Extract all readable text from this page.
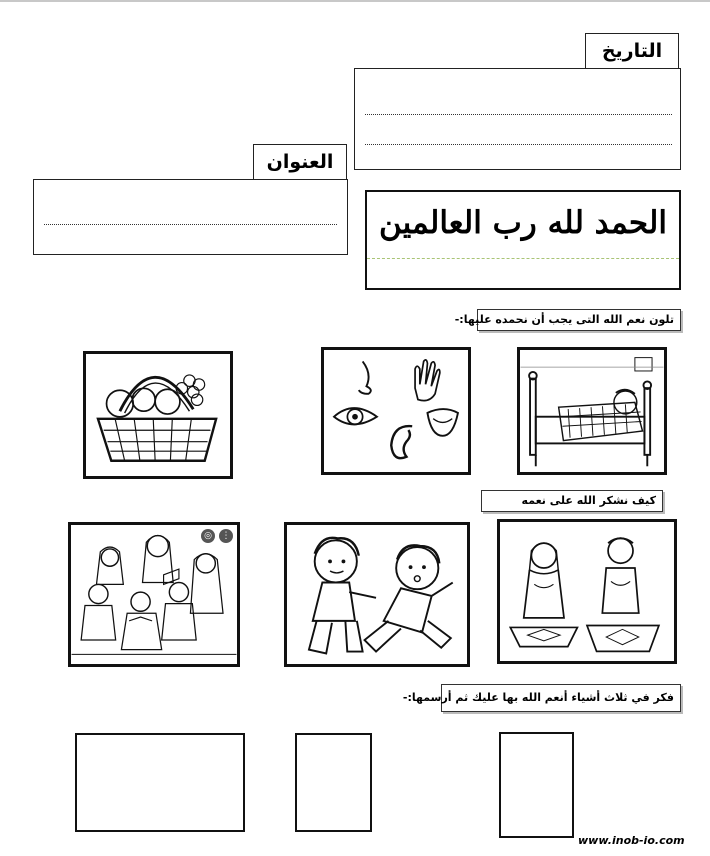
التاريخ
العنوان
الحمد لله رب العالمين
تلون نعم الله التى يجب أن نحمده عليها:-
كيف نشكر الله على نعمه
◎	⋮
فكر في ثلاث أشياء أنعم الله بها عليك ثم أرسمها:-
www.inob-io.com
